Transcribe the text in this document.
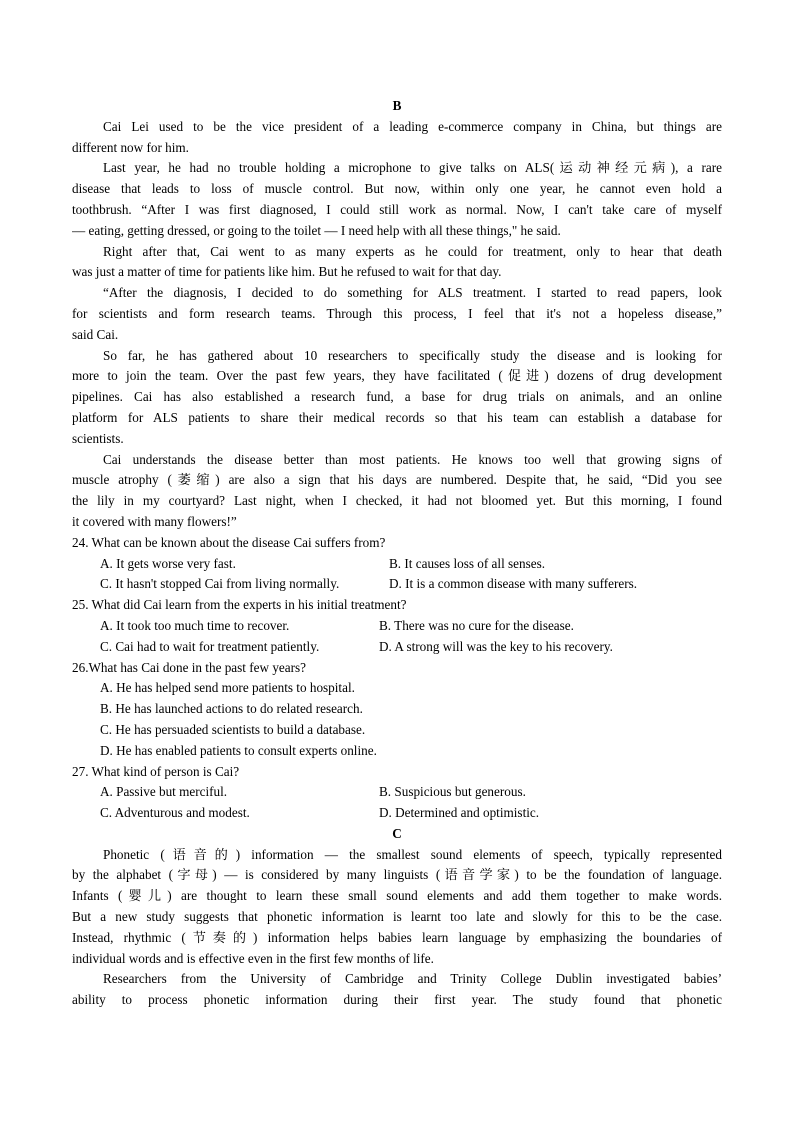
B
Cai Lei used to be the vice president of a leading e-commerce company in China, but things are
different now for him.
Last year, he had no trouble holding a microphone to give talks on ALS(运动神经元病), a rare
disease that leads to loss of muscle control. But now, within only one year, he cannot even hold a
toothbrush. “After I was first diagnosed, I could still work as normal. Now, I can't take care of myself
— eating, getting dressed, or going to the toilet — I need help with all these things," he said.
Right after that, Cai went to as many experts as he could for treatment, only to hear that death
was just a matter of time for patients like him. But he refused to wait for that day.
“After the diagnosis, I decided to do something for ALS treatment. I started to read papers, look
for scientists and form research teams. Through this process, I feel that it's not a hopeless disease,”
said Cai.
So far, he has gathered about 10 researchers to specifically study the disease and is looking for
more to join the team. Over the past few years, they have facilitated (促进) dozens of drug development
pipelines. Cai has also established a research fund, a base for drug trials on animals, and an online
platform for ALS patients to share their medical records so that his team can establish a database for
scientists.
Cai understands the disease better than most patients. He knows too well that growing signs of
muscle atrophy (萎缩) are also a sign that his days are numbered. Despite that, he said, “Did you see
the lily in my courtyard? Last night, when I checked, it had not bloomed yet. But this morning, I found
it covered with many flowers!”
24. What can be known about the disease Cai suffers from?
A. It gets worse very fast.	B. It causes loss of all senses.
C. It hasn't stopped Cai from living normally.	D. It is a common disease with many sufferers.
25. What did Cai learn from the experts in his initial treatment?
A. It took too much time to recover.	B. There was no cure for the disease.
C. Cai had to wait for treatment patiently.	D. A strong will was the key to his recovery.
26.What has Cai done in the past few years?
A. He has helped send more patients to hospital.
B. He has launched actions to do related research.
C. He has persuaded scientists to build a database.
D. He has enabled patients to consult experts online.
27. What kind of person is Cai?
A. Passive but merciful.	B. Suspicious but generous.
C. Adventurous and modest.	D. Determined and optimistic.
C
Phonetic (语音的) information — the smallest sound elements of speech, typically represented
by the alphabet (字母) — is considered by many linguists (语音学家) to be the foundation of language.
Infants (婴儿) are thought to learn these small sound elements and add them together to make words.
But a new study suggests that phonetic information is learnt too late and slowly for this to be the case.
Instead, rhythmic (节奏的) information helps babies learn language by emphasizing the boundaries of
individual words and is effective even in the first few months of life.
Researchers from the University of Cambridge and Trinity College Dublin investigated babies’
ability to process phonetic information during their first year. The study found that phonetic
